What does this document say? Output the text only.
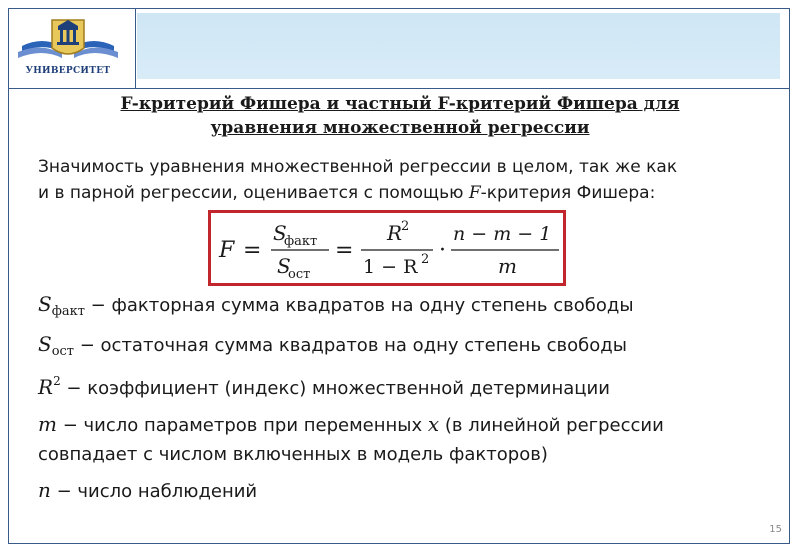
УНИВЕРСИТЕТ
F-критерий Фишера и частный F-критерий Фишера для
уравнения множественной регрессии
Значимость уравнения множественной регрессии в целом, так же как
и в парной регрессии, оценивается с помощью F-критерия Фишера:
F =
S
факт
S
ост
=
R
2
1 − R 2 ·
n − m − 1
m
$S_{факт}$ − факторная сумма квадратов на одну степень свободы
$S_{ост}$ − остаточная сумма квадратов на одну степень свободы
$R^2$ − коэффициент (индекс) множественной детерминации
m − число параметров при переменных x (в линейной регрессии
совпадает с числом включенных в модель факторов)
n − число наблюдений
15
